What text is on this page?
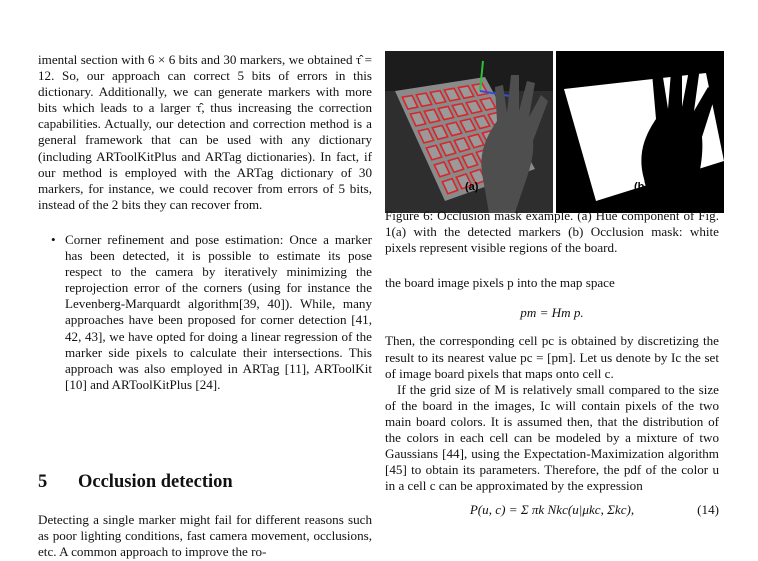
imental section with 6 × 6 bits and 30 markers, we obtained τ̂ = 12. So, our approach can correct 5 bits of errors in this dictionary. Additionally, we can generate markers with more bits which leads to a larger τ̂, thus increasing the correction capabilities. Actually, our detection and correction method is a general framework that can be used with any dictionary (including ARToolKitPlus and ARTag dictionaries). In fact, if our method is employed with the ARTag dictionary of 30 markers, for instance, we could recover from errors of 5 bits, instead of the 2 bits they can recover from.

• Corner refinement and pose estimation: Once a marker has been detected, it is possible to estimate its pose respect to the camera by iteratively minimizing the reprojection error of the corners (using for instance the Levenberg-Marquardt algorithm[39, 40]). While, many approaches have been proposed for corner detection [41, 42, 43], we have opted for doing a linear regression of the marker side pixels to calculate their intersections. This approach was also employed in ARTag [11], ARToolKit [10] and ARToolKitPlus [24].
5 Occlusion detection

Detecting a single marker might fail for different reasons such as poor lighting conditions, fast camera movement, occlusions, etc. A common approach to improve the ro-

(a)	(b)

Figure 6: Occlusion mask example. (a) Hue component of Fig. 1(a) with the detected markers (b) Occlusion mask: white pixels represent visible regions of the board.

the board image pixels p into the map space

pm = Hm p.

Then, the corresponding cell pc is obtained by discretizing the result to its nearest value pc = [pm]. Let us denote by Ic the set of image board pixels that maps onto cell c.

If the grid size of M is relatively small compared to the size of the board in the images, Ic will contain pixels of the two main board colors. It is assumed then, that the distribution of the colors in each cell can be modeled by a mixture of two Gaussians [44], using the Expectation-Maximization algorithm [45] to obtain its parameters. Therefore, the pdf of the color u in a cell c can be approximated by the expression

P(u, c) = Σ πk Nkc(u|μkc, Σkc),	(14)
